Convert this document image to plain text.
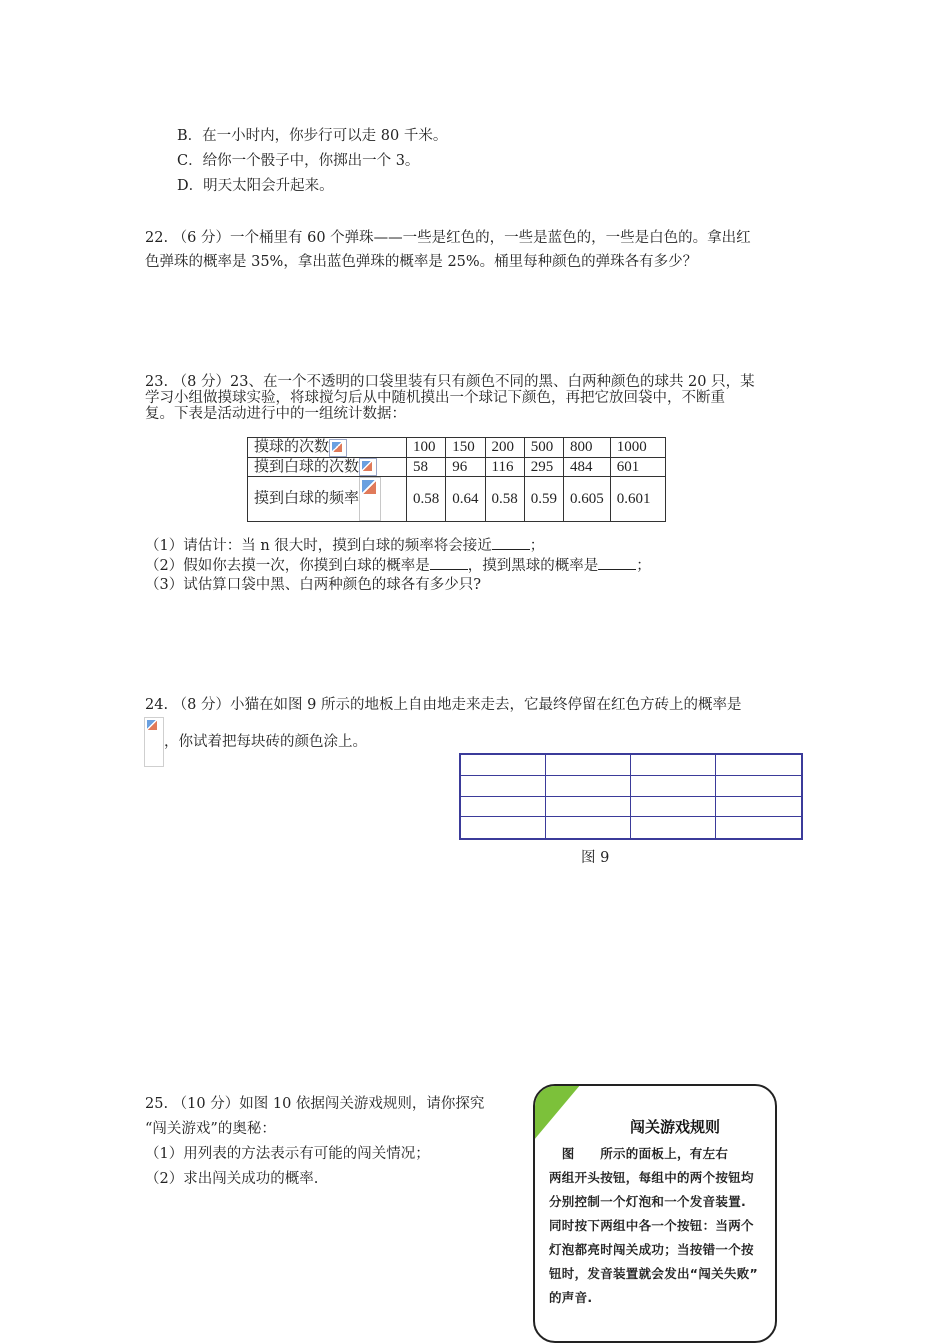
B．在一小时内，你步行可以走 80 千米。
C．给你一个骰子中，你掷出一个 3。
D．明天太阳会升起来。
22. （6 分）一个桶里有 60 个弹珠——一些是红色的，一些是蓝色的，一些是白色的。拿出红
色弹珠的概率是 35%，拿出蓝色弹珠的概率是 25%。桶里每种颜色的弹珠各有多少？
23. （8 分）23、在一个不透明的口袋里装有只有颜色不同的黑、白两种颜色的球共 20 只，某
学习小组做摸球实验，将球搅匀后从中随机摸出一个球记下颜色，再把它放回袋中，不断重
复。下表是活动进行中的一组统计数据：
摸球的次数	100	150	200	500	800	1000
摸到白球的次数	58	96	116	295	484	601
摸到白球的频率	0.58	0.64	0.58	0.59	0.605	0.601
（1）请估计：当 n 很大时，摸到白球的频率将会接近	；
（2）假如你去摸一次，你摸到白球的概率是	，摸到黑球的概率是	；
（3）试估算口袋中黑、白两种颜色的球各有多少只?
24. （8 分）小猫在如图 9 所示的地板上自由地走来走去，它最终停留在红色方砖上的概率是
，你试着把每块砖的颜色涂上。
图 9
25. （10 分）如图 10 依据闯关游戏规则，请你探究
“闯关游戏”的奥秘：
（1）用列表的方法表示有可能的闯关情况；
（2）求出闯关成功的概率.
闯关游戏规则
　图　　所示的面板上，有左右
两组开头按钮，每组中的两个按钮均
分别控制一个灯泡和一个发音装置.
同时按下两组中各一个按钮：当两个
灯泡都亮时闯关成功；当按错一个按
钮时，发音装置就会发出“闯关失败”
的声音.
